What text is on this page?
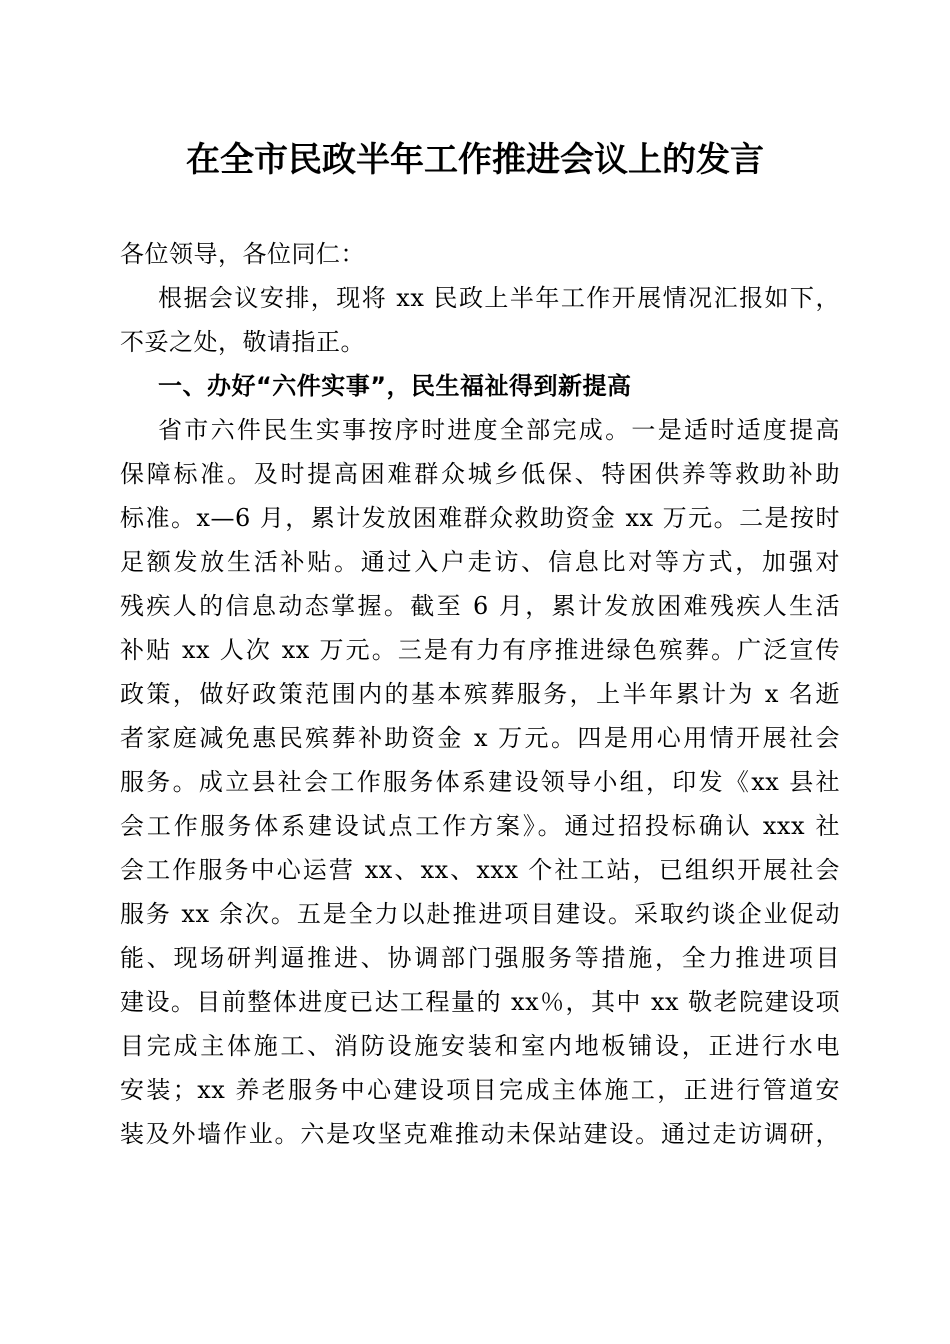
在全市民政半年工作推进会议上的发言
各位领导，各位同仁：
根据会议安排，现将 xx 民政上半年工作开展情况汇报如下，
不妥之处，敬请指正。
一、办好“六件实事”，民生福祉得到新提高
省市六件民生实事按序时进度全部完成。一是适时适度提高
保障标准。及时提高困难群众城乡低保、特困供养等救助补助
标准。x—6 月，累计发放困难群众救助资金 xx 万元。二是按时
足额发放生活补贴。通过入户走访、信息比对等方式，加强对
残疾人的信息动态掌握。截至 6 月，累计发放困难残疾人生活
补贴 xx 人次 xx 万元。三是有力有序推进绿色殡葬。广泛宣传
政策，做好政策范围内的基本殡葬服务，上半年累计为 x 名逝
者家庭减免惠民殡葬补助资金 x 万元。四是用心用情开展社会
服务。成立县社会工作服务体系建设领导小组，印发《xx 县社
会工作服务体系建设试点工作方案》。通过招投标确认 xxx 社
会工作服务中心运营 xx、xx、xxx 个社工站，已组织开展社会
服务 xx 余次。五是全力以赴推进项目建设。采取约谈企业促动
能、现场研判逼推进、协调部门强服务等措施，全力推进项目
建设。目前整体进度已达工程量的 xx％，其中 xx 敬老院建设项
目完成主体施工、消防设施安装和室内地板铺设，正进行水电
安装；xx 养老服务中心建设项目完成主体施工，正进行管道安
装及外墙作业。六是攻坚克难推动未保站建设。通过走访调研，
